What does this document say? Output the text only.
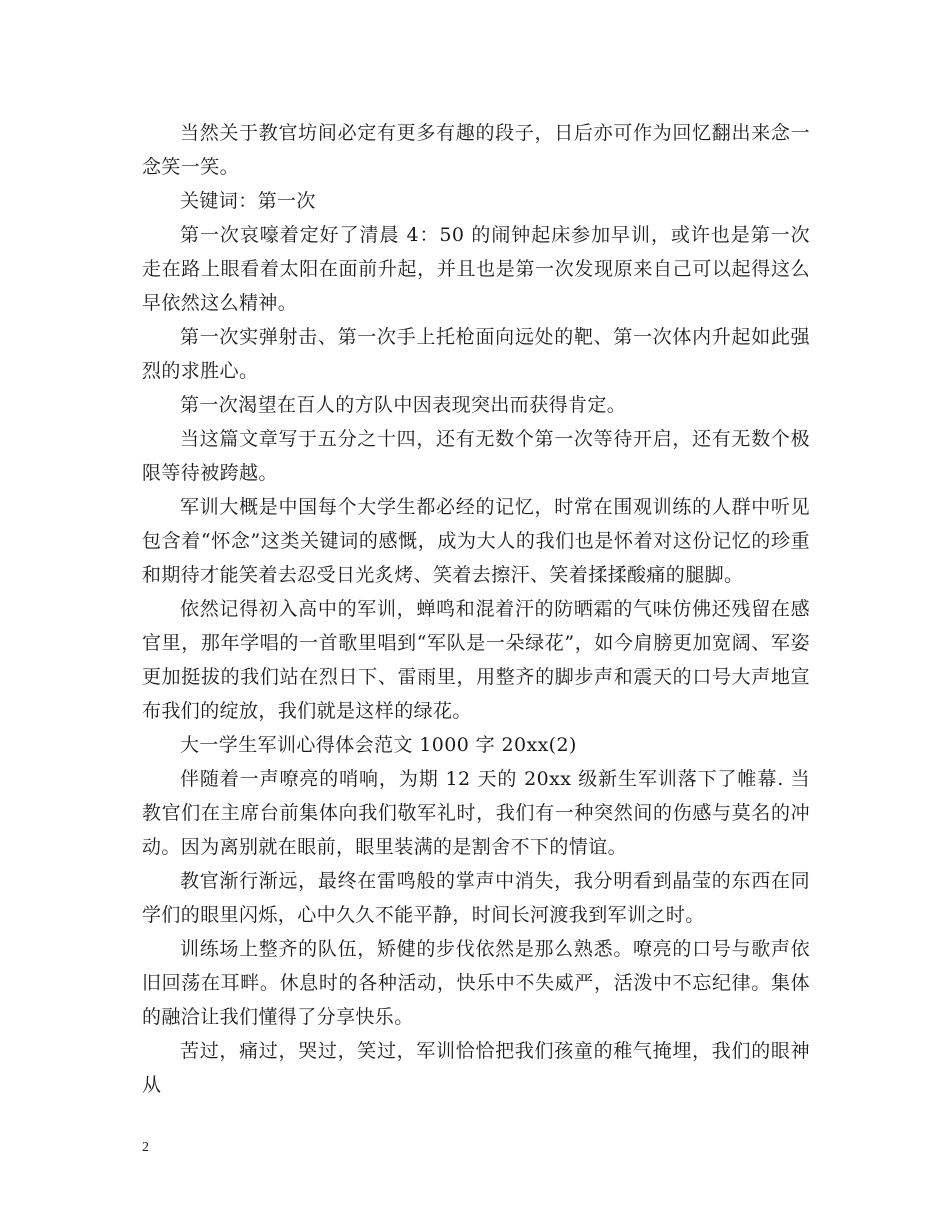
当然关于教官坊间必定有更多有趣的段子，日后亦可作为回忆翻出来念一念笑一笑。

关键词：第一次

第一次哀嚎着定好了清晨 4：50 的闹钟起床参加早训，或许也是第一次走在路上眼看着太阳在面前升起，并且也是第一次发现原来自己可以起得这么早依然这么精神。

第一次实弹射击、第一次手上托枪面向远处的靶、第一次体内升起如此强烈的求胜心。

第一次渴望在百人的方队中因表现突出而获得肯定。

当这篇文章写于五分之十四，还有无数个第一次等待开启，还有无数个极限等待被跨越。

军训大概是中国每个大学生都必经的记忆，时常在围观训练的人群中听见包含着“怀念”这类关键词的感慨，成为大人的我们也是怀着对这份记忆的珍重和期待才能笑着去忍受日光炙烤、笑着去擦汗、笑着揉揉酸痛的腿脚。

依然记得初入高中的军训，蝉鸣和混着汗的防晒霜的气味仿佛还残留在感官里，那年学唱的一首歌里唱到“军队是一朵绿花”，如今肩膀更加宽阔、军姿更加挺拔的我们站在烈日下、雷雨里，用整齐的脚步声和震天的口号大声地宣布我们的绽放，我们就是这样的绿花。

大一学生军训心得体会范文 1000 字 20xx(2)

伴随着一声嘹亮的哨响，为期 12 天的 20xx 级新生军训落下了帷幕. 当教官们在主席台前集体向我们敬军礼时，我们有一种突然间的伤感与莫名的冲动。因为离别就在眼前，眼里装满的是割舍不下的情谊。

教官渐行渐远，最终在雷鸣般的掌声中消失，我分明看到晶莹的东西在同学们的眼里闪烁，心中久久不能平静，时间长河渡我到军训之时。

训练场上整齐的队伍，矫健的步伐依然是那么熟悉。嘹亮的口号与歌声依旧回荡在耳畔。休息时的各种活动，快乐中不失威严，活泼中不忘纪律。集体的融洽让我们懂得了分享快乐。

苦过，痛过，哭过，笑过，军训恰恰把我们孩童的稚气掩埋，我们的眼神从

2
